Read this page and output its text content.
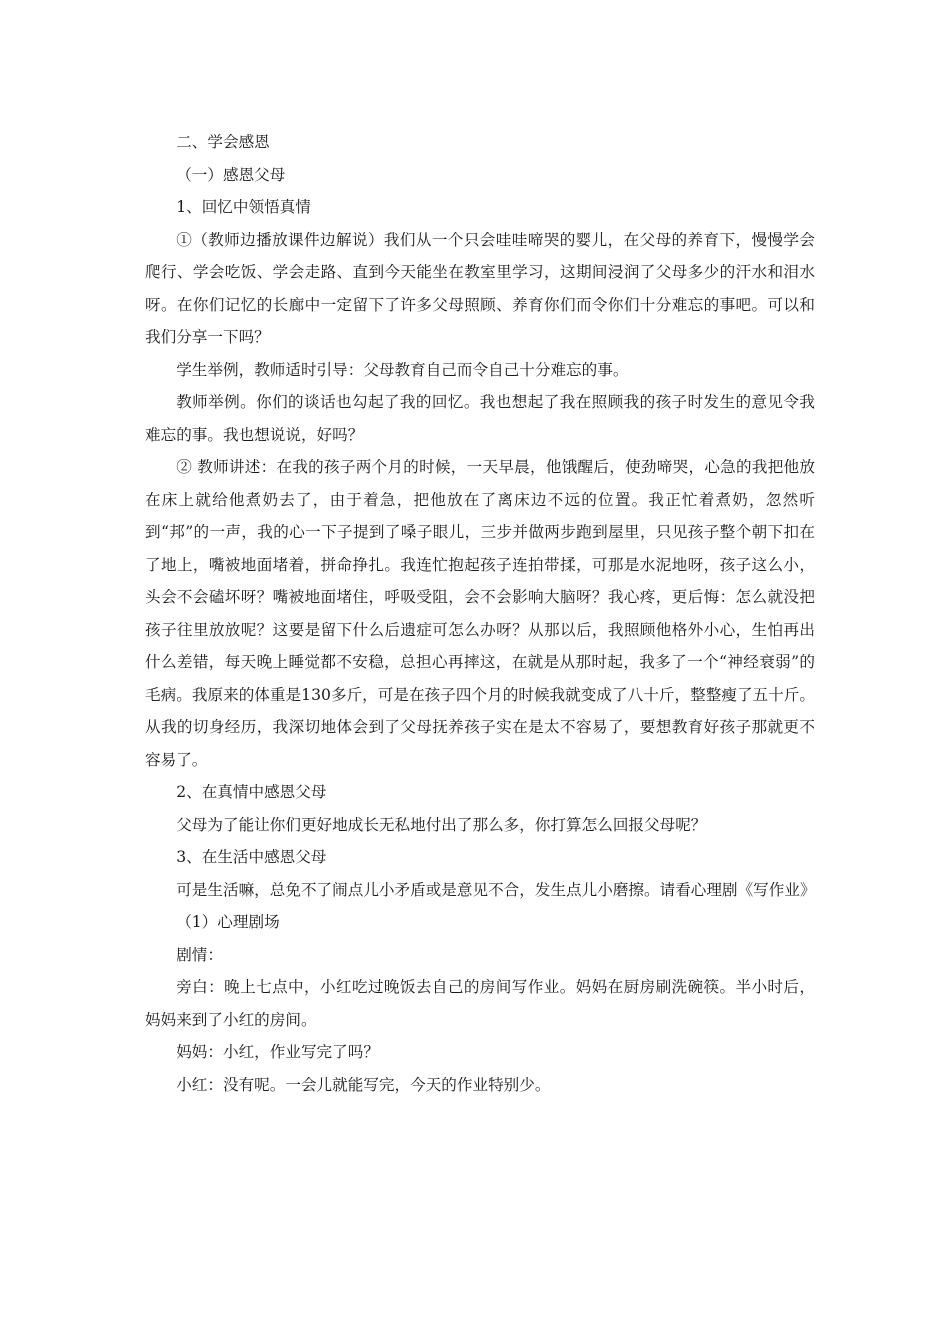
二、学会感恩

（一）感恩父母

1、回忆中领悟真情

①（教师边播放课件边解说）我们从一个只会哇哇啼哭的婴儿，在父母的养育下，慢慢学会爬行、学会吃饭、学会走路、直到今天能坐在教室里学习，这期间浸润了父母多少的汗水和泪水呀。在你们记忆的长廊中一定留下了许多父母照顾、养育你们而令你们十分难忘的事吧。可以和我们分享一下吗？

学生举例，教师适时引导：父母教育自己而令自己十分难忘的事。

教师举例。你们的谈话也勾起了我的回忆。我也想起了我在照顾我的孩子时发生的意见令我难忘的事。我也想说说，好吗？

② 教师讲述：在我的孩子两个月的时候，一天早晨，他饿醒后，使劲啼哭，心急的我把他放在床上就给他煮奶去了，由于着急，把他放在了离床边不远的位置。我正忙着煮奶，忽然听到“邦”的一声，我的心一下子提到了嗓子眼儿，三步并做两步跑到屋里，只见孩子整个朝下扣在了地上，嘴被地面堵着，拼命挣扎。我连忙抱起孩子连拍带揉，可那是水泥地呀，孩子这么小，头会不会磕坏呀？嘴被地面堵住，呼吸受阻，会不会影响大脑呀？我心疼，更后悔：怎么就没把孩子往里放放呢？这要是留下什么后遗症可怎么办呀？从那以后，我照顾他格外小心，生怕再出什么差错，每天晚上睡觉都不安稳，总担心再摔这，在就是从那时起，我多了一个“神经衰弱”的毛病。我原来的体重是130多斤，可是在孩子四个月的时候我就变成了八十斤，整整瘦了五十斤。从我的切身经历，我深切地体会到了父母抚养孩子实在是太不容易了，要想教育好孩子那就更不容易了。

2、在真情中感恩父母

父母为了能让你们更好地成长无私地付出了那么多，你打算怎么回报父母呢？

3、在生活中感恩父母

可是生活嘛，总免不了闹点儿小矛盾或是意见不合，发生点儿小磨擦。请看心理剧《写作业》

（1）心理剧场

剧情：

旁白：晚上七点中，小红吃过晚饭去自己的房间写作业。妈妈在厨房刷洗碗筷。半小时后，妈妈来到了小红的房间。

妈妈：小红，作业写完了吗？

小红：没有呢。一会儿就能写完，今天的作业特别少。
